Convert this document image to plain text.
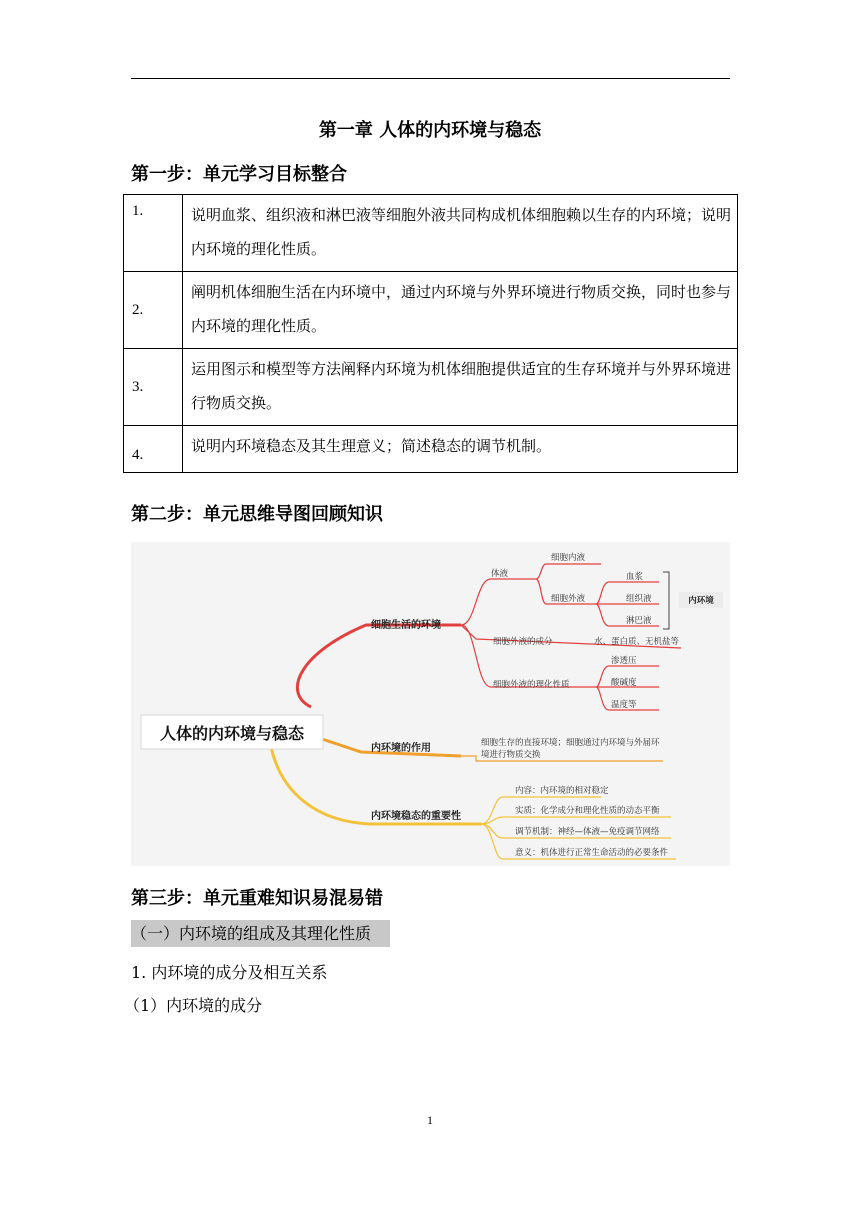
第一章 人体的内环境与稳态
第一步：单元学习目标整合
1.	说明血浆、组织液和淋巴液等细胞外液共同构成机体细胞赖以生存的内环境；说明内环境的理化性质。
2.	阐明机体细胞生活在内环境中，通过内环境与外界环境进行物质交换，同时也参与内环境的理化性质。
3.	运用图示和模型等方法阐释内环境为机体细胞提供适宜的生存环境并与外界环境进行物质交换。
4.	说明内环境稳态及其生理意义；简述稳态的调节机制。
第二步：单元思维导图回顾知识
人体的内环境与稳态
细胞生活的环境
体液
细胞内液
细胞外液
血浆
组织液
淋巴液
内环境
细胞外液的成分	水、蛋白质、无机盐等
细胞外液的理化性质
渗透压
酸碱度
温度等
内环境的作用	细胞生存的直接环境；细胞通过内环境与外届环
境进行物质交换
内环境稳态的重要性
内容：内环境的相对稳定
实质：化学成分和理化性质的动态平衡
调节机制：神经—体液—免疫调节网络
意义：机体进行正常生命活动的必要条件
第三步：单元重难知识易混易错
（一）内环境的组成及其理化性质
1. 内环境的成分及相互关系
（1）内环境的成分
1
